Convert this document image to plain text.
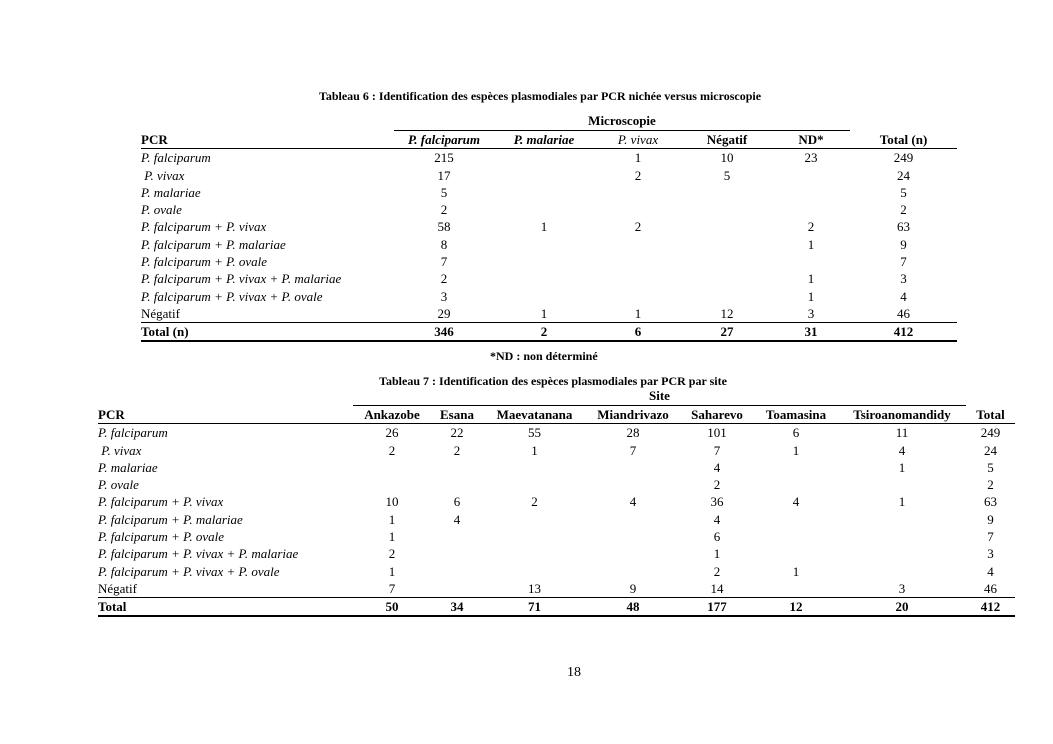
Tableau 6 : Identification des espèces plasmodiales par PCR nichée versus microscopie
	Microscopie					
PCR	P. falciparum	P. malariae	P. vivax	Négatif	ND*	Total (n)
P. falciparum	215		1	10	23	249
P. vivax	17		2	5		24
P. malariae	5					5
P. ovale	2					2
P. falciparum + P. vivax	58	1	2		2	63
P. falciparum + P. malariae	8				1	9
P. falciparum + P. ovale	7					7
P. falciparum + P. vivax + P. malariae	2				1	3
P. falciparum + P. vivax + P. ovale	3				1	4
Négatif	29	1	1	12	3	46
Total (n)	346	2	6	27	31	412
*ND : non déterminé
Tableau 7 : Identification des espèces plasmodiales par PCR par site
	Site							
PCR	Ankazobe	Esana	Maevatanana	Miandrivazo	Saharevo	Toamasina	Tsiroanomandidy	Total
P. falciparum	26	22	55	28	101	6	11	249
P. vivax	2	2	1	7	7	1	4	24
P. malariae					4		1	5
P. ovale					2			2
P. falciparum + P. vivax	10	6	2	4	36	4	1	63
P. falciparum + P. malariae	1	4			4			9
P. falciparum + P. ovale	1				6			7
P. falciparum + P. vivax + P. malariae	2				1			3
P. falciparum + P. vivax + P. ovale	1				2	1		4
Négatif	7		13	9	14		3	46
Total	50	34	71	48	177	12	20	412
18
